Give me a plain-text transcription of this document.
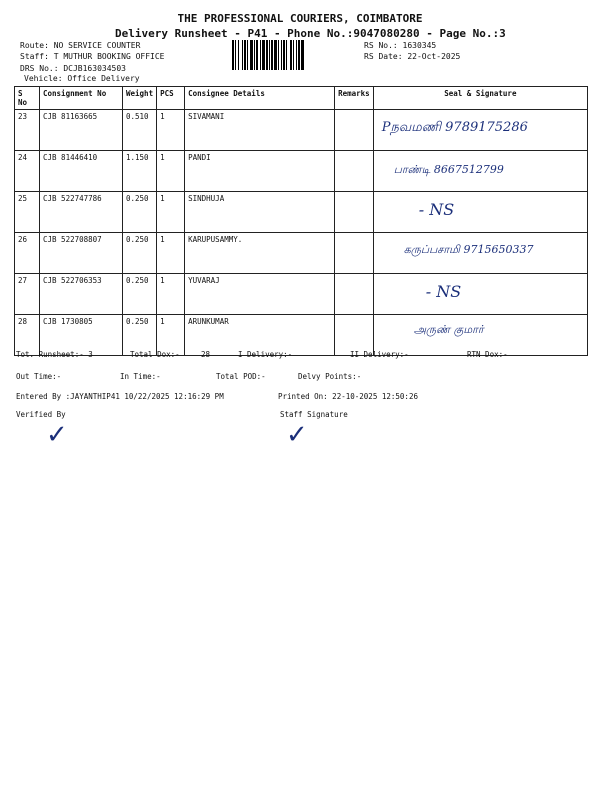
THE PROFESSIONAL COURIERS, COIMBATORE
Delivery Runsheet - P41 - Phone No.:9047080280 - Page No.:3
Route: NO SERVICE COUNTER
Staff: T MUTHUR BOOKING OFFICE
DRS No.: DCJB163034503
Vehicle: Office Delivery
RS No.: 1630345
RS Date: 22-Oct-2025
S No	Consignment No	Weight	PCS	Consignee Details	Remarks	Seal & Signature
23	CJB 81163665	0.510	1	SIVAMANI		Pநவமணி 9789175286

24	CJB 81446410	1.150	1	PANDI		பாண்டி 8667512799

25	CJB 522747786	0.250	1	SINDHUJA		- NS

26	CJB 522708807	0.250	1	KARUPUSAMMY.		கருப்பசாமி 9715650337

27	CJB 522706353	0.250	1	YUVARAJ		- NS

28	CJB 1730805	0.250	1	ARUNKUMAR		அருண் குமார்
Tot. Runsheet:- 3	Total Dox:-	28	I Delivery:-	II Delivery:-	RTN Dox:-
Out Time:-	In Time:-	Total POD:-	Delvy Points:-
Entered By :JAYANTHIP41 10/22/2025 12:16:29 PM	Printed On: 22-10-2025 12:50:26
Verified By	Staff Signature
✓	✓
